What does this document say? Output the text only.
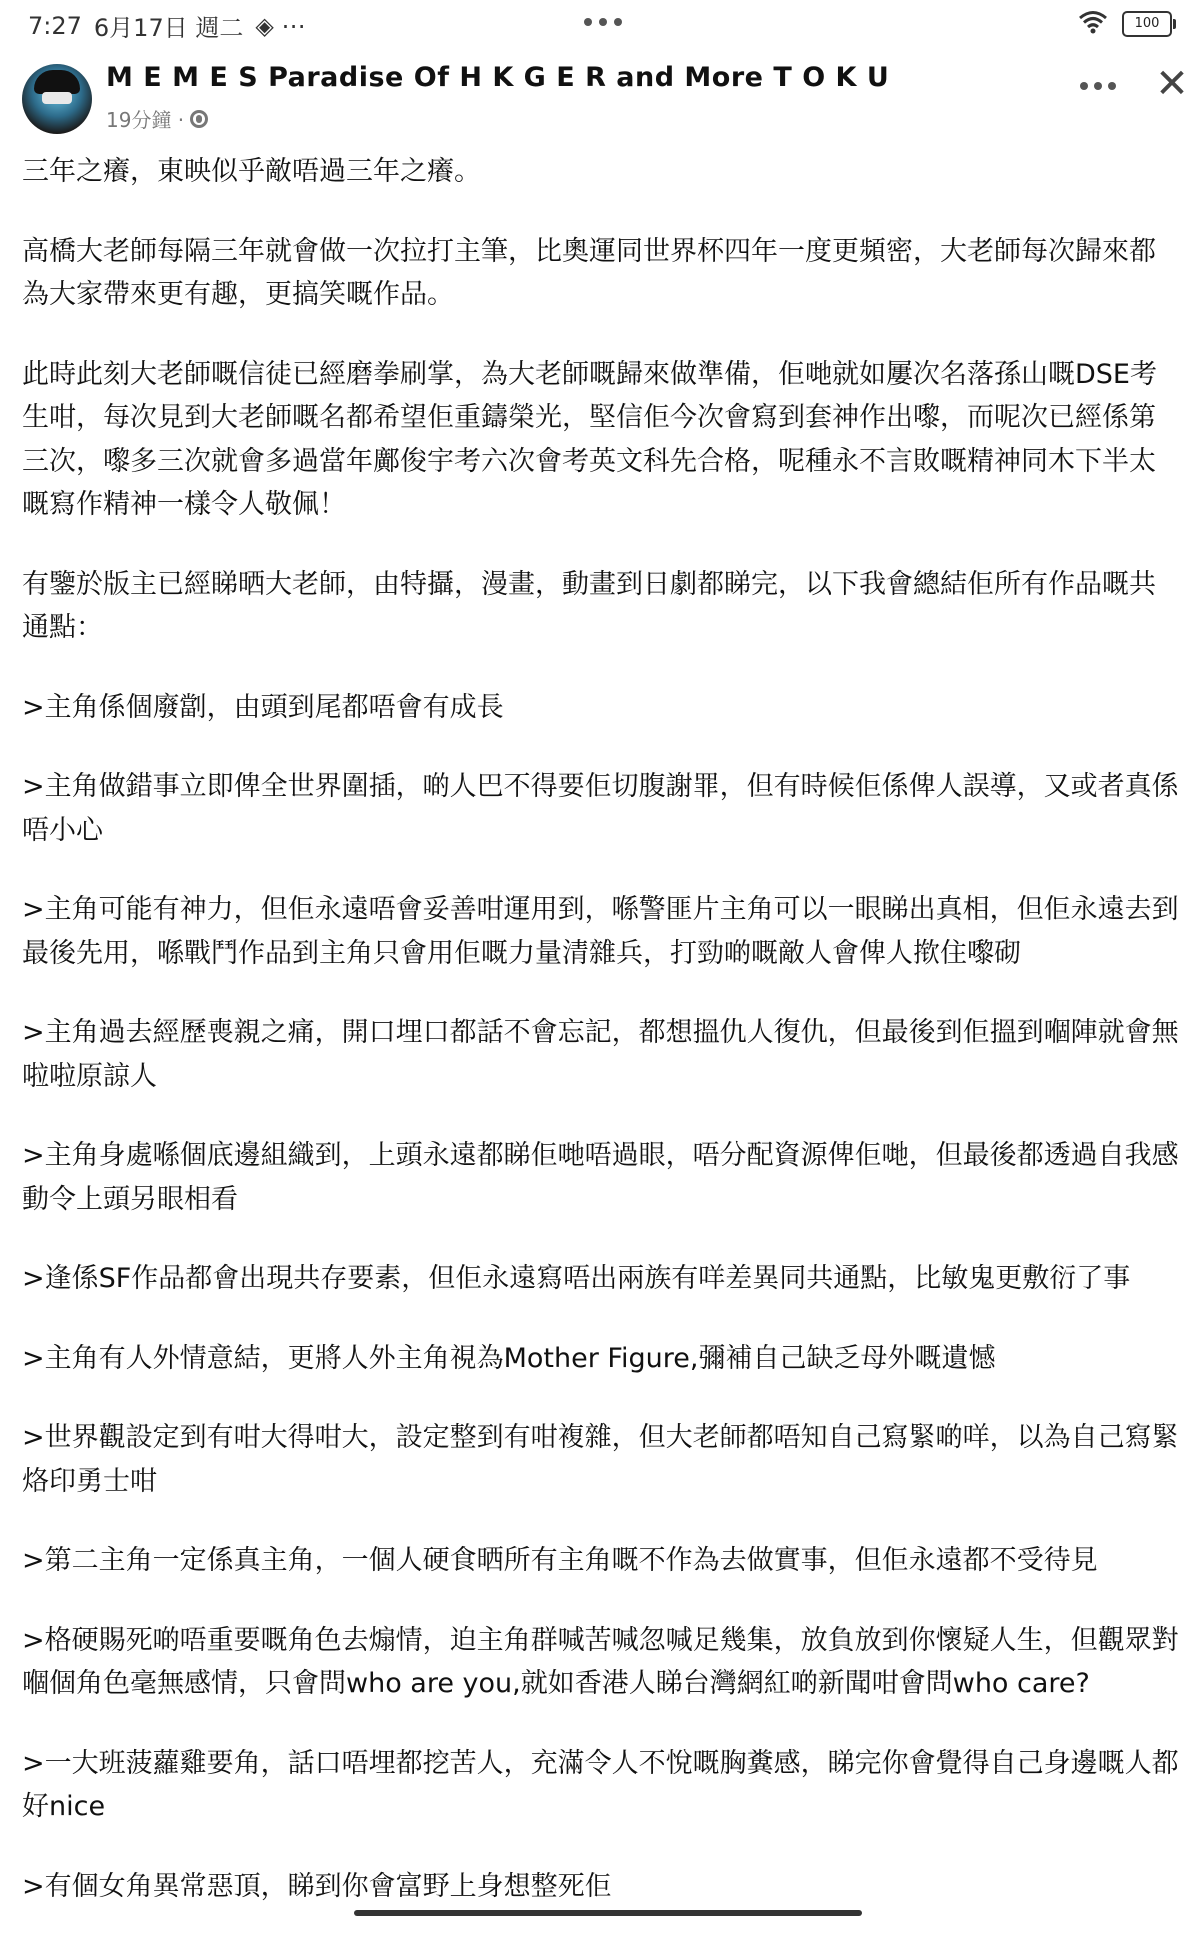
7:27 6月17日 週二 ◈ ⋯	100
M E M E S Paradise Of H K G E R and More T O K U
19分鐘 ·
✕

三年之癢，東映似乎敵唔過三年之癢。

高橋大老師每隔三年就會做一次拉打主筆，比奧運同世界杯四年一度更頻密，大老師每次歸來都為大家帶來更有趣，更搞笑嘅作品。

此時此刻大老師嘅信徒已經磨拳刷掌，為大老師嘅歸來做準備，佢哋就如屢次名落孫山嘅DSE考生咁，每次見到大老師嘅名都希望佢重鑄榮光，堅信佢今次會寫到套神作出嚟，而呢次已經係第三次，嚟多三次就會多過當年鄺俊宇考六次會考英文科先合格，呢種永不言敗嘅精神同木下半太嘅寫作精神一樣令人敬佩！

有鑒於版主已經睇晒大老師，由特攝，漫畫，動畫到日劇都睇完，以下我會總結佢所有作品嘅共通點：

>主角係個廢劏，由頭到尾都唔會有成長

>主角做錯事立即俾全世界圍插，啲人巴不得要佢切腹謝罪，但有時候佢係俾人誤導，又或者真係唔小心

>主角可能有神力，但佢永遠唔會妥善咁運用到，喺警匪片主角可以一眼睇出真相，但佢永遠去到最後先用，喺戰鬥作品到主角只會用佢嘅力量清雜兵，打勁啲嘅敵人會俾人揿住嚟砌

>主角過去經歷喪親之痛，開口埋口都話不會忘記，都想搵仇人復仇，但最後到佢搵到嗰陣就會無啦啦原諒人

>主角身處喺個底邊組織到，上頭永遠都睇佢哋唔過眼，唔分配資源俾佢哋，但最後都透過自我感動令上頭另眼相看

>逢係SF作品都會出現共存要素，但佢永遠寫唔出兩族有咩差異同共通點，比敏鬼更敷衍了事

>主角有人外情意結，更將人外主角視為Mother Figure,彌補自己缺乏母外嘅遺憾

>世界觀設定到有咁大得咁大，設定整到有咁複雜，但大老師都唔知自己寫緊啲咩，以為自己寫緊烙印勇士咁

>第二主角一定係真主角，一個人硬食晒所有主角嘅不作為去做實事，但佢永遠都不受待見

>格硬賜死啲唔重要嘅角色去煽情，迫主角群喊苦喊忽喊足幾集，放負放到你懷疑人生，但觀眾對嗰個角色毫無感情，只會問who are you,就如香港人睇台灣網紅啲新聞咁會問who care?

>一大班菠蘿雞要角，話口唔埋都挖苦人，充滿令人不悅嘅胸糞感，睇完你會覺得自己身邊嘅人都好nice

>有個女角異常惡頂，睇到你會富野上身想整死佢
